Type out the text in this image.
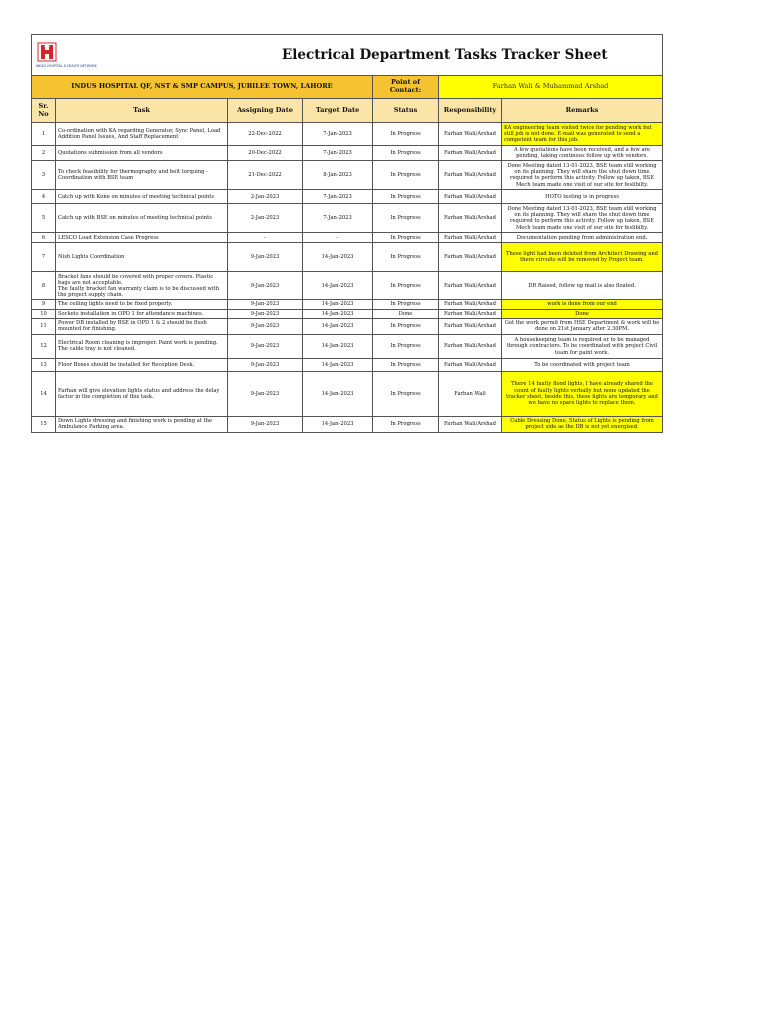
INDUS HOSPITAL & HEALTH NETWORK		Electrical Department Tasks Tracker Sheet				
INDUS HOSPITAL QF, NST & SMP CAMPUS, JUBILEE TOWN, LAHORE				Point of Contact:	Farhan Wali & Muhammad Arshad	
Sr. No	Task	Assigning Date	Target Date	Status	Responsibility	Remarks
1	Co-ordination with KA regarding Generator, Sync Panel, Load Addition Panel Issues, And Staff Replacement	22-Dec-2022	7-Jan-2023	In Progress	Farhan Wali/Arshad	KA engineering team visited twice for pending work but still job is not done. E-mail was generated to send a competent team for this job.
2	Quotations submission from all vendors	20-Dec-2022	7-Jan-2023	In Progress	Farhan Wali/Arshad	A few quotations have been received, and a few are pending, taking continous follow up with vendors.
3	To check feasibility for thermography and bolt torquing - Coordination with BSE team	21-Dec-2022	8-Jan-2023	In Progress	Farhan Wali/Arshad	Done Meeting dated 13-01-2023, BSE team still working on its planning. They will share the shut down time required to perform this activity. Follow up taken, BSE Mech team made one visit of our site for feslibilty.
4	Catch up with Kone on minutes of meeting technical points	2-Jan-2023	7-Jan-2023	In Progress	Farhan Wali/Arshad	HOTO testing is in progress
5	Catch up with BSE on minutes of meeting technical points	2-Jan-2023	7-Jan-2023	In Progress	Farhan Wali/Arshad	Done Meeting dated 13-01-2023, BSE team still working on its planning. They will share the shut down time required to perform this activity. Follow up taken, BSE Mech team made one visit of our site for feslibilty.
6	LESCO Load Extension Case Progress	-	-	In Progress	Farhan Wali/Arshad	Documentation pending from administration end.
7	Nish Lights Coordination	9-Jan-2023	14-Jan-2023	In Progress	Farhan Wali/Arshad	These light had been deleted from Architect Drawing and there circuits will be removed by Project team.
8	Bracket fans should be covered with proper covers. Plastic bags are not acceptable.
The faulty bracket fan warranty claim is to be discussed with the project supply chain.	9-Jan-2023	14-Jan-2023	In Progress	Farhan Wali/Arshad	DR Raised, follow up mail is also floated.
9	The ceiling lights need to be fixed properly.	9-Jan-2023	14-Jan-2023	In Progress	Farhan Wali/Arshad	work is done from our end
10	Sockets installation in OPD 1 for attendance machines.	9-Jan-2023	14-Jan-2023	Done	Farhan Wali/Arshad	Done
11	Power DB installed by BSE in OPD 1 & 2 should be flush mounted for finishing.	9-Jan-2023	14-Jan-2023	In Progress	Farhan Wali/Arshad	Got the work permit from HSE Department & work will be done on 21st January after 2.30PM.
12	Electrical Room cleaning is improper. Paint work is pending.
The cable tray is not cleaned.	9-Jan-2023	14-Jan-2023	In Progress	Farhan Wali/Arshad	A housekeeping team is required or to be managed through contractors. To be coordinated with project Civil team for paint work.
13	Floor Boxes should be installed for Reception Desk.	9-Jan-2023	14-Jan-2023	In Progress	Farhan Wali/Arshad	To be coordinated with project team
14	Farhan will give elevation lights status and address the delay factor in the completion of this task.	9-Jan-2023	14-Jan-2023	In Progress	Farhan Wali	There 14 faulty flood lights, I have already shared the count of faulty lights verbally but none updated the tracker sheet, beside this, these lights are temporary and we have no spare lights to replace them.
15	Down Lights dressing and finishing work is pending at the Ambulance Parking area.	9-Jan-2023	14-Jan-2023	In Progress	Farhan Wali/Arshad	Cable Dressing Done, Status of Lights is pending from project side as the DB is not yet energised.
